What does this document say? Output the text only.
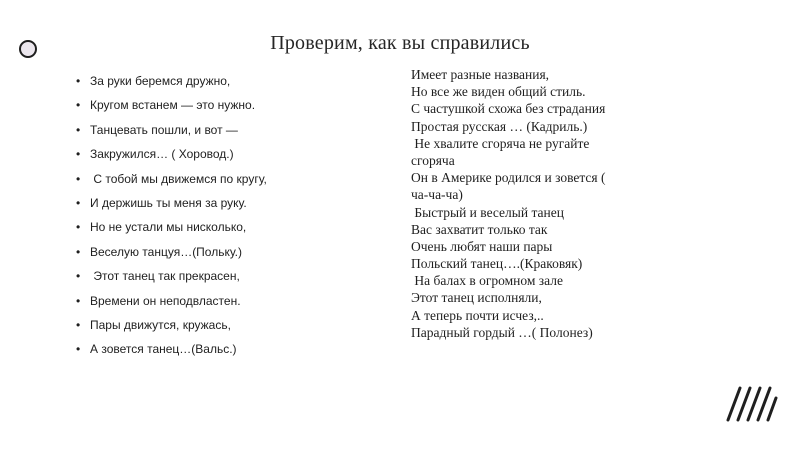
Проверим, как вы справились
• За руки беремся дружно,
• Кругом встанем — это нужно.
• Танцевать пошли, и вот —
• Закружился… ( Хоровод.)
•  С тобой мы движемся по кругу,
• И держишь ты меня за руку.
• Но не устали мы нисколько,
• Веселую танцуя…(Польку.)
•  Этот танец так прекрасен,
• Времени он неподвластен.
• Пары движутся, кружась,
• А зовется танец…(Вальс.)
Имеет разные названия,
Но все же виден общий стиль.
С частушкой схожа без страдания
Простая русская … (Кадриль.)
Не хвалите сгоряча не ругайте
сгоряча
Он в Америке родился и зовется (
ча-ча-ча)
Быстрый и веселый танец
Вас захватит только так
Очень любят наши пары
Польский танец….(Краковяк)
На балах в огромном зале
Этот танец исполняли,
А теперь почти исчез,..
Парадный гордый …( Полонез)
